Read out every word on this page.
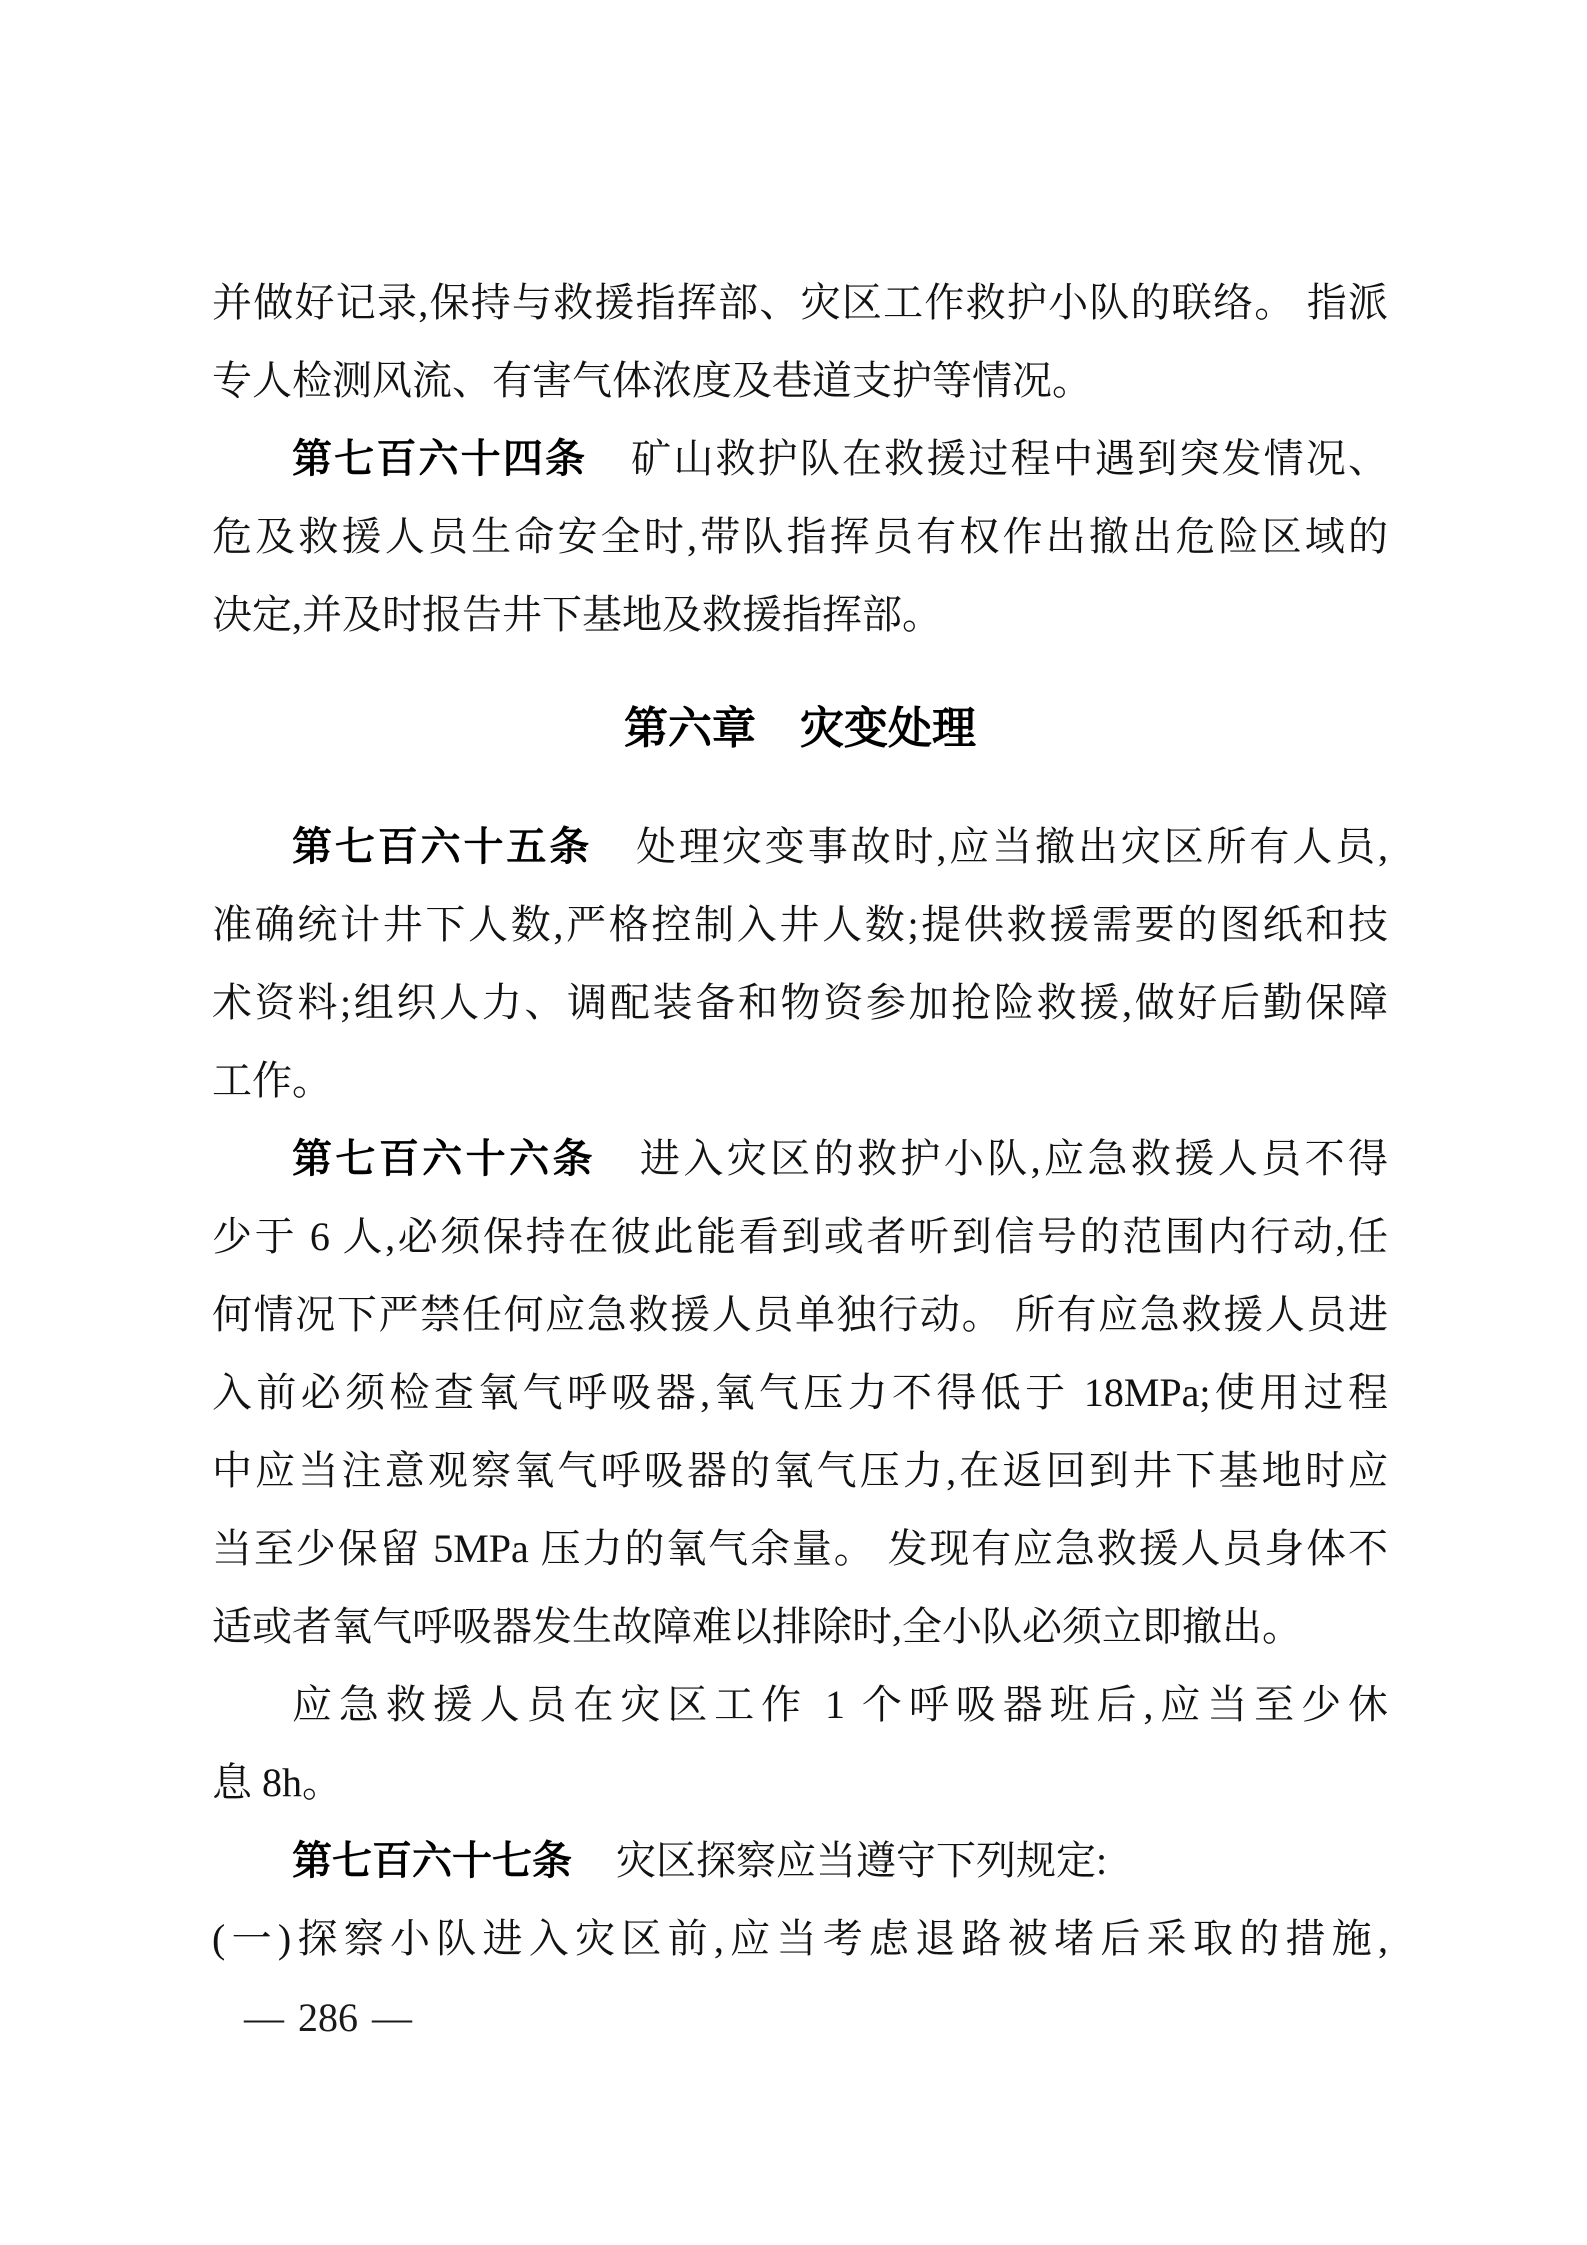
并做好记录,保持与救援指挥部、灾区工作救护小队的联络。 指派
专人检测风流、有害气体浓度及巷道支护等情况。

第七百六十四条 矿山救护队在救援过程中遇到突发情况、
危及救援人员生命安全时,带队指挥员有权作出撤出危险区域的
决定,并及时报告井下基地及救援指挥部。

第六章 灾变处理

第七百六十五条 处理灾变事故时,应当撤出灾区所有人员,
准确统计井下人数,严格控制入井人数;提供救援需要的图纸和技
术资料;组织人力、调配装备和物资参加抢险救援,做好后勤保障
工作。

第七百六十六条 进入灾区的救护小队,应急救援人员不得
少于 6 人,必须保持在彼此能看到或者听到信号的范围内行动,任
何情况下严禁任何应急救援人员单独行动。 所有应急救援人员进
入前必须检查氧气呼吸器,氧气压力不得低于 18MPa;使用过程
中应当注意观察氧气呼吸器的氧气压力,在返回到井下基地时应
当至少保留 5MPa 压力的氧气余量。 发现有应急救援人员身体不
适或者氧气呼吸器发生故障难以排除时,全小队必须立即撤出。

应急救援人员在灾区工作 1 个呼吸器班后,应当至少休
息 8h。

第七百六十七条 灾区探察应当遵守下列规定:

(一)探察小队进入灾区前,应当考虑退路被堵后采取的措施,

— 286 —
